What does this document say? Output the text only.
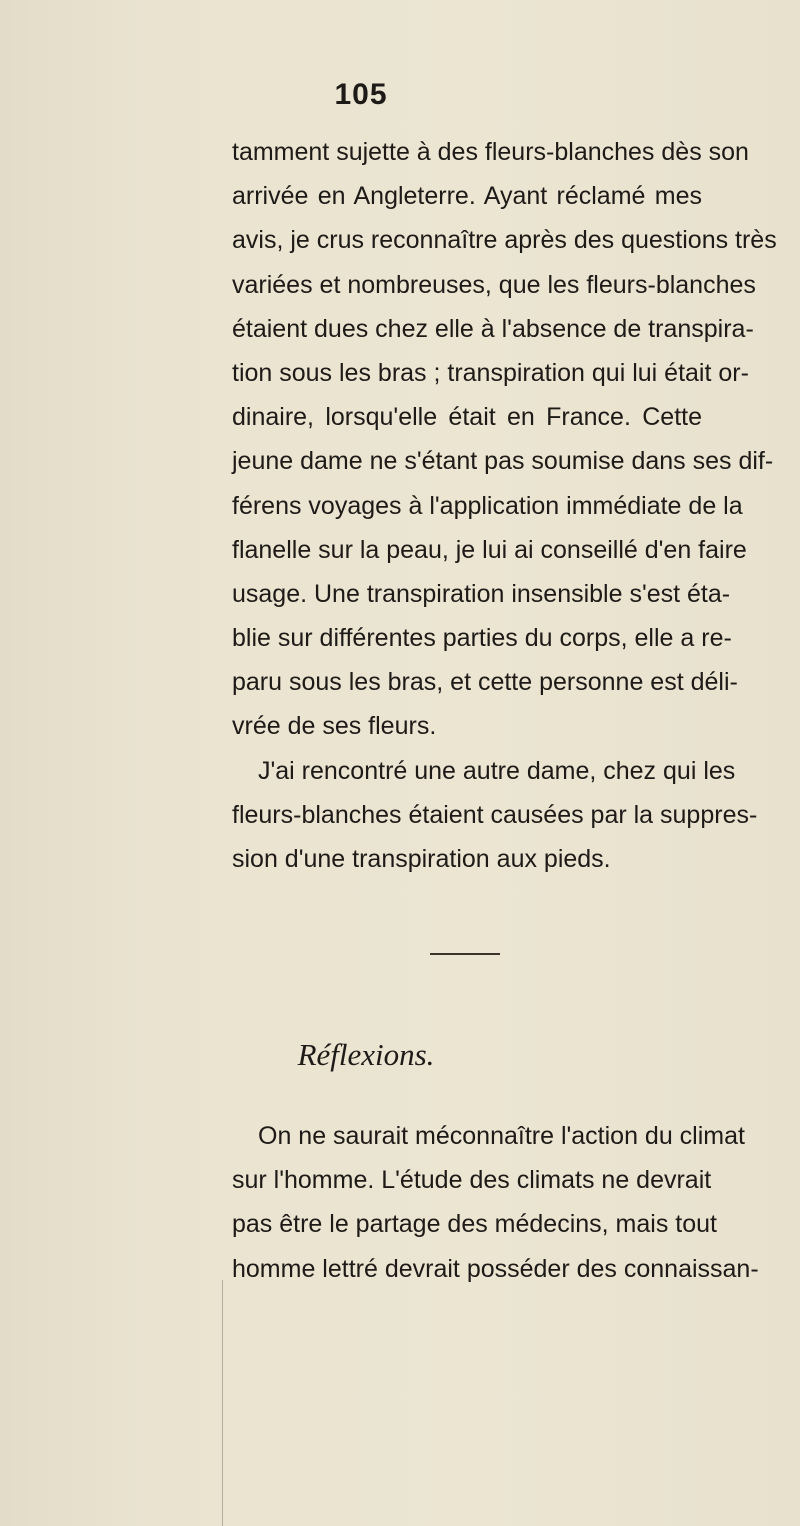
105
tamment sujette à des fleurs-blanches dès son
arrivée en Angleterre. Ayant réclamé mes
avis, je crus reconnaître après des questions très
variées et nombreuses, que les fleurs-blanches
étaient dues chez elle à l'absence de transpira-
tion sous les bras ; transpiration qui lui était or-
dinaire, lorsqu'elle était en France. Cette
jeune dame ne s'étant pas soumise dans ses dif-
férens voyages à l'application immédiate de la
flanelle sur la peau, je lui ai conseillé d'en faire
usage. Une transpiration insensible s'est éta-
blie sur différentes parties du corps, elle a re-
paru sous les bras, et cette personne est déli-
vrée de ses fleurs.
J'ai rencontré une autre dame, chez qui les
fleurs-blanches étaient causées par la suppres-
sion d'une transpiration aux pieds.
Réflexions.
On ne saurait méconnaître l'action du climat
sur l'homme. L'étude des climats ne devrait
pas être le partage des médecins, mais tout
homme lettré devrait posséder des connaissan-
